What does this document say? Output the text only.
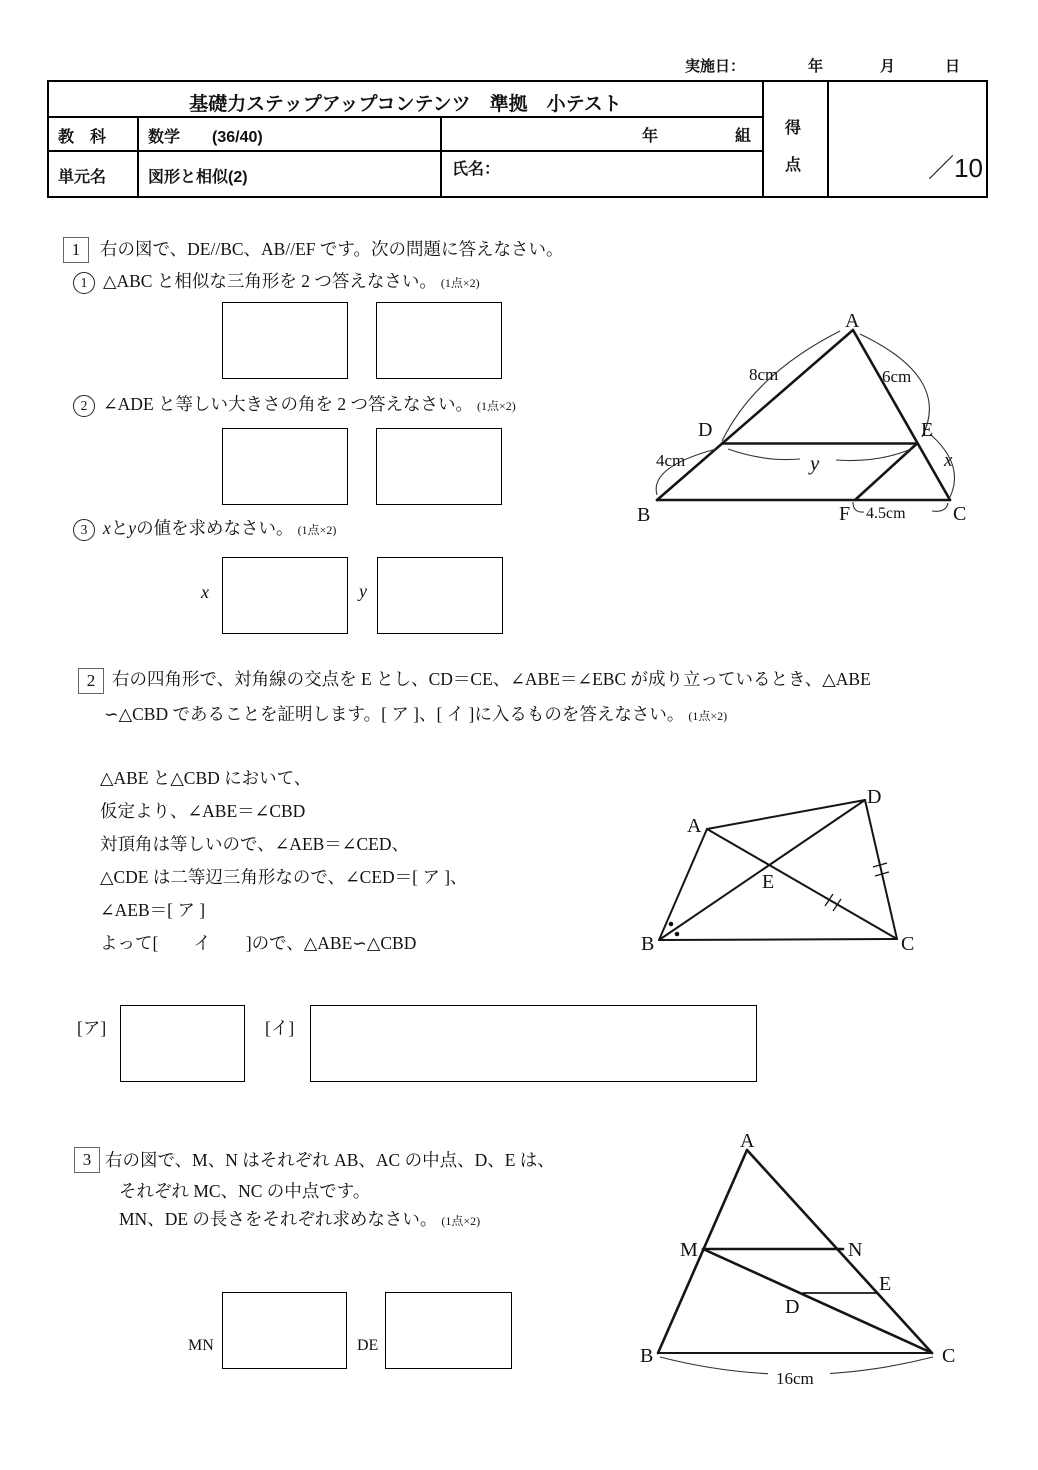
実施日：	年	月	日
基礎力ステップアップコンテンツ　準拠　小テスト
教　科	数学　　(36/40)	年	組
単元名	図形と相似(2)	氏名：
得
点	／10
1 右の図で、DE//BC、AB//EF です。次の問題に答えなさい。
1 △ABC と相似な三角形を 2 つ答えなさい。 (1点×2)
2 ∠ADE と等しい大きさの角を 2 つ答えなさい。 (1点×2)
3 x と y の値を求めなさい。 (1点×2)
x	y
A
D	E
B	F	C
8cm	6cm
4cm
4.5cm
y	x
2 右の四角形で、対角線の交点を E とし、CD＝CE、∠ABE＝∠EBC が成り立っているとき、△ABE
∽△CBD であることを証明します。[ ア ]、[ イ ]に入るものを答えなさい。 (1点×2)
△ABE と△CBD において、
仮定より、∠ABE＝∠CBD
対頂角は等しいので、∠AEB＝∠CED、
△CDE は二等辺三角形なので、∠CED＝[ ア ]、
∠AEB＝[ ア ]
よって[　　イ　　]ので、△ABE∽△CBD
[ア]	[イ]
A
D
B	C
E
3 右の図で、M、N はそれぞれ AB、AC の中点、D、E は、
それぞれ MC、NC の中点です。
MN、DE の長さをそれぞれ求めなさい。 (1点×2)
MN	DE
A
M	N
D
E
B	C
16cm
